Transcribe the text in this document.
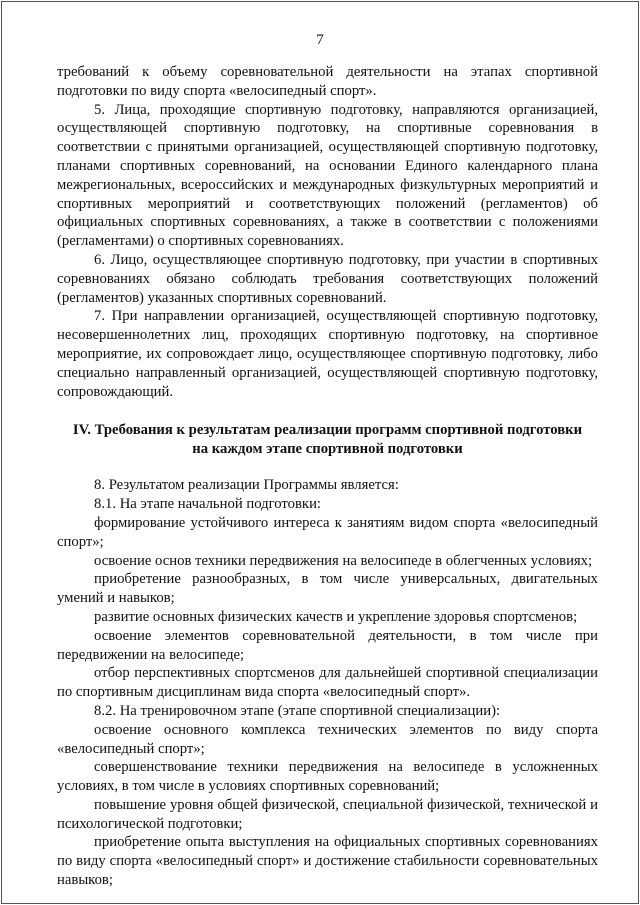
7

требований к объему соревновательной деятельности на этапах спортивной подготовки по виду спорта «велосипедный спорт».

5. Лица, проходящие спортивную подготовку, направляются организацией, осуществляющей спортивную подготовку, на спортивные соревнования в соответствии с принятыми организацией, осуществляющей спортивную подготовку, планами спортивных соревнований, на основании Единого календарного плана межрегиональных, всероссийских и международных физкультурных мероприятий и спортивных мероприятий и соответствующих положений (регламентов) об официальных спортивных соревнованиях, а также в соответствии с положениями (регламентами) о спортивных соревнованиях.

6. Лицо, осуществляющее спортивную подготовку, при участии в спортивных соревнованиях обязано соблюдать требования соответствующих положений (регламентов) указанных спортивных соревнований.

7. При направлении организацией, осуществляющей спортивную подготовку, несовершеннолетних лиц, проходящих спортивную подготовку, на спортивное мероприятие, их сопровождает лицо, осуществляющее спортивную подготовку, либо специально направленный организацией, осуществляющей спортивную подготовку, сопровождающий.

IV. Требования к результатам реализации программ спортивной подготовки
на каждом этапе спортивной подготовки

8. Результатом реализации Программы является:

8.1. На этапе начальной подготовки:

формирование устойчивого интереса к занятиям видом спорта «велосипедный спорт»;

освоение основ техники передвижения на велосипеде в облегченных условиях;

приобретение разнообразных, в том числе универсальных, двигательных умений и навыков;

развитие основных физических качеств и укрепление здоровья спортсменов;

освоение элементов соревновательной деятельности, в том числе при передвижении на велосипеде;

отбор перспективных спортсменов для дальнейшей спортивной специализации по спортивным дисциплинам вида спорта «велосипедный спорт».

8.2. На тренировочном этапе (этапе спортивной специализации):

освоение основного комплекса технических элементов по виду спорта «велосипедный спорт»;

совершенствование техники передвижения на велосипеде в усложненных условиях, в том числе в условиях спортивных соревнований;

повышение уровня общей физической, специальной физической, технической и психологической подготовки;

приобретение опыта выступления на официальных спортивных соревнованиях по виду спорта «велосипедный спорт» и достижение стабильности соревновательных навыков;
